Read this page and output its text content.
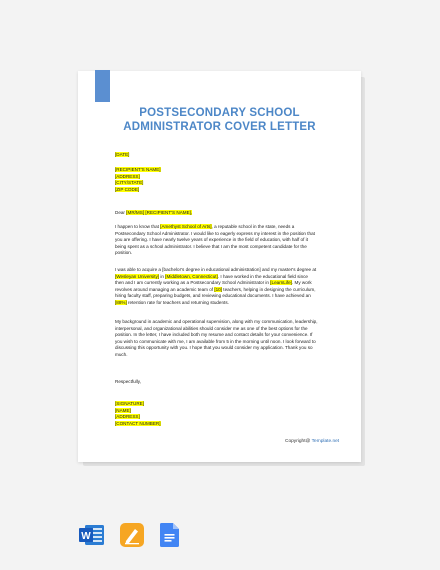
POSTSECONDARY SCHOOL
ADMINISTRATOR COVER LETTER
[DATE]
[RECIPIENT'S NAME]
[ADDRESS]
[CITY/STATE]
[ZIP CODE]
Dear [MR/MS] [RECIPIENT'S NAME],
I happen to know that [Amethyst School of Arts], a reputable school in the state, needs a
Postsecondary School Administrator. I would like to eagerly express my interest in the position that
you are offering. I have nearly twelve years of experience in the field of education, with half of it
being spent as a school administrator. I believe that I am the most competent candidate for the
position.
I was able to acquire a [bachelor's degree in educational administration] and my master's degree at
[Wesleyan University] in [Middletown, Connecticut]. I have worked in the educational field since
then and I am currently working as a Postsecondary School Administrator in [LearnLife]. My work
revolves around managing an academic team of [10] teachers, helping in designing the curriculum,
hiring faculty staff, preparing budgets, and reviewing educational documents. I have achieved an
[88%] retention rate for teachers and returning students.
My background in academic and operational supervision, along with my communication, leadership,
interpersonal, and organizational abilities should consider me as one of the best options for the
position. In the letter, I have included both my resume and contact details for your convenience. If
you wish to communicate with me, I am available from 5 in the morning until noon. I look forward to
discussing this opportunity with you. I hope that you would consider my application. Thank you so
much.
Respectfully,
[SIGNATURE]
[NAME]
[ADDRESS]
[CONTACT NUMBER]
Copyright@ Template.net
W
